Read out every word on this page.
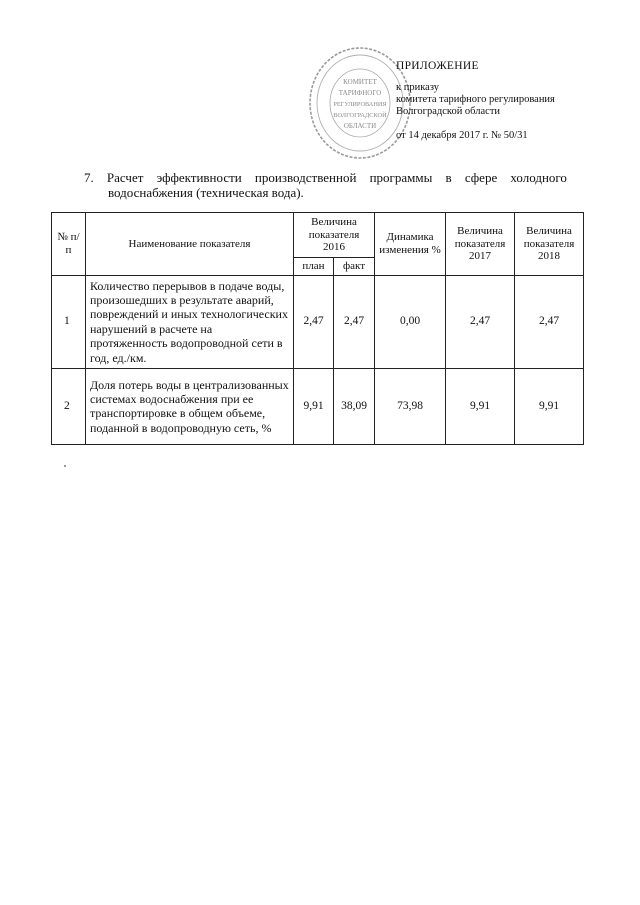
КОМИТЕТ
ТАРИФНОГО
РЕГУЛИРОВАНИЯ
ВОЛГОГРАДСКОЙ
ОБЛАСТИ
ПРИЛОЖЕНИЕ
к приказу
комитета тарифного регулирования
Волгоградской области
от 14 декабря 2017 г. № 50/31
7. Расчет эффективности производственной программы в сфере холодного
водоснабжения (техническая вода).
№ п/п	Наименование показателя	Величина показателя 2016		Динамика изменения %	Величина показателя 2017	Величина показателя 2018
		план	факт			
1	Количество перерывов в подаче воды, произошедших в результате аварий, повреждений и иных технологических нарушений в расчете на протяженность водопроводной сети в год, ед./км.	2,47	2,47	0,00	2,47	2,47
2	Доля потерь воды в централизованных системах водоснабжения при ее транспортировке в общем объеме, поданной в водопроводную сеть, %	9,91	38,09	73,98	9,91	9,91
